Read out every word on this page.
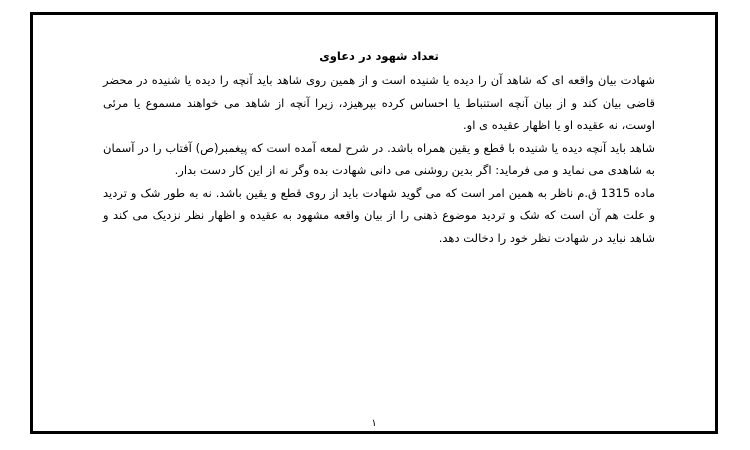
تعداد شهود در دعاوی

شهادت بیان واقعه ای که شاهد آن را دیده یا شنیده است و از همین روی شاهد باید آنچه را دیده یا شنیده در محضر قاضی بیان کند و از بیان آنچه استنباط یا احساس کرده بپرهیزد، زیرا آنچه از شاهد می خواهند مسموع یا مرئی اوست، نه عقیده او یا اظهار عقیده ی او.

شاهد باید آنچه دیده یا شنیده با قطع و یقین همراه باشد. در شرح لمعه آمده است که پیغمبر(ص) آفتاب را در آسمان به شاهدی می نماید و می فرماید: اگر بدین روشنی می دانی شهادت بده وگر نه از این کار دست بدار.

ماده 1315 ق.م ناظر به همین امر است که می گوید شهادت باید از روی قطع و یقین باشد. نه به طور شک و تردید و علت هم آن است که شک و تردید موضوع ذهنی را از بیان واقعه مشهود به عقیده و اظهار نظر نزدیک می کند و شاهد نباید در شهادت نظر خود را دخالت دهد.

۱
